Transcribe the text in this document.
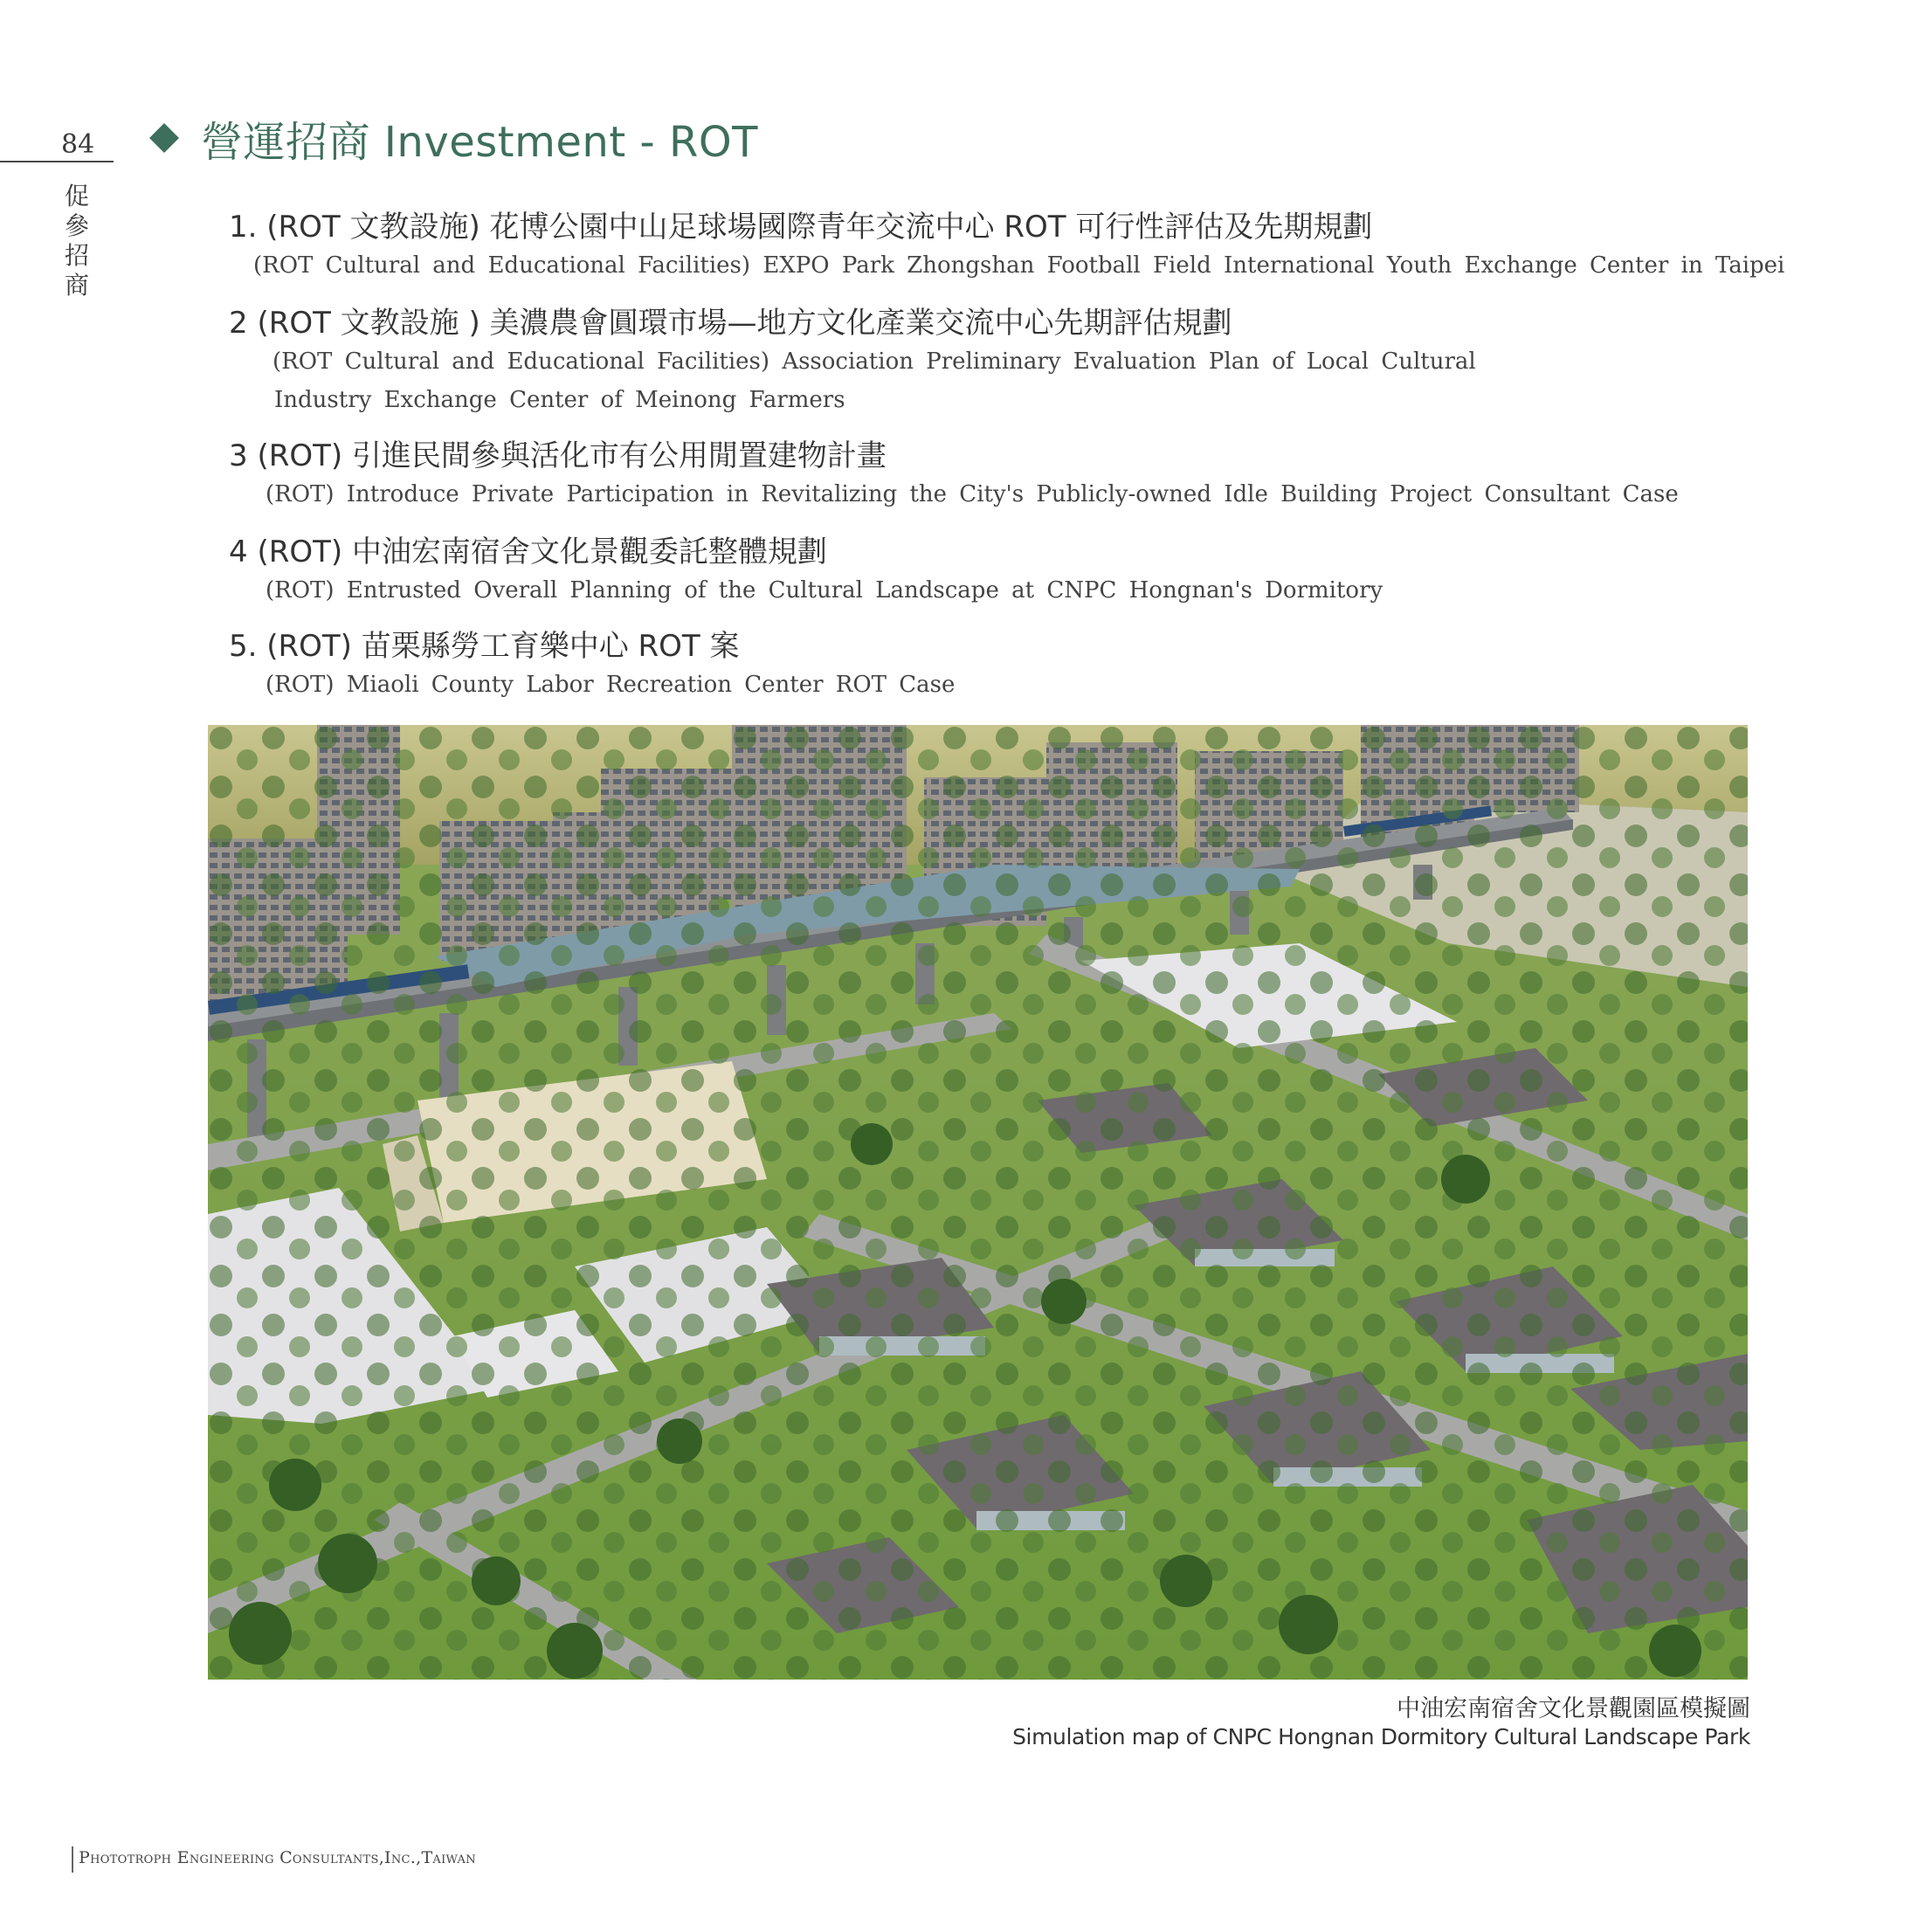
84
促參招商
營運招商 Investment - ROT
1. (ROT 文教設施) 花博公園中山足球場國際青年交流中心 ROT 可行性評估及先期規劃
(ROT Cultural and Educational Facilities) EXPO Park Zhongshan Football Field International Youth Exchange Center in Taipei
2 (ROT 文教設施 ) 美濃農會圓環市場—地方文化產業交流中心先期評估規劃
(ROT Cultural and Educational Facilities) Association Preliminary Evaluation Plan of Local Cultural
Industry Exchange Center of Meinong Farmers
3 (ROT) 引進民間參與活化市有公用閒置建物計畫
(ROT) Introduce Private Participation in Revitalizing the City's Publicly-owned Idle Building Project Consultant Case
4 (ROT) 中油宏南宿舍文化景觀委託整體規劃
(ROT) Entrusted Overall Planning of the Cultural Landscape at CNPC Hongnan's Dormitory
5. (ROT) 苗栗縣勞工育樂中心 ROT 案
(ROT) Miaoli County Labor Recreation Center ROT Case
中油宏南宿舍文化景觀園區模擬圖
Simulation map of CNPC Hongnan Dormitory Cultural Landscape Park
Phototroph Engineering Consultants,Inc.,Taiwan
